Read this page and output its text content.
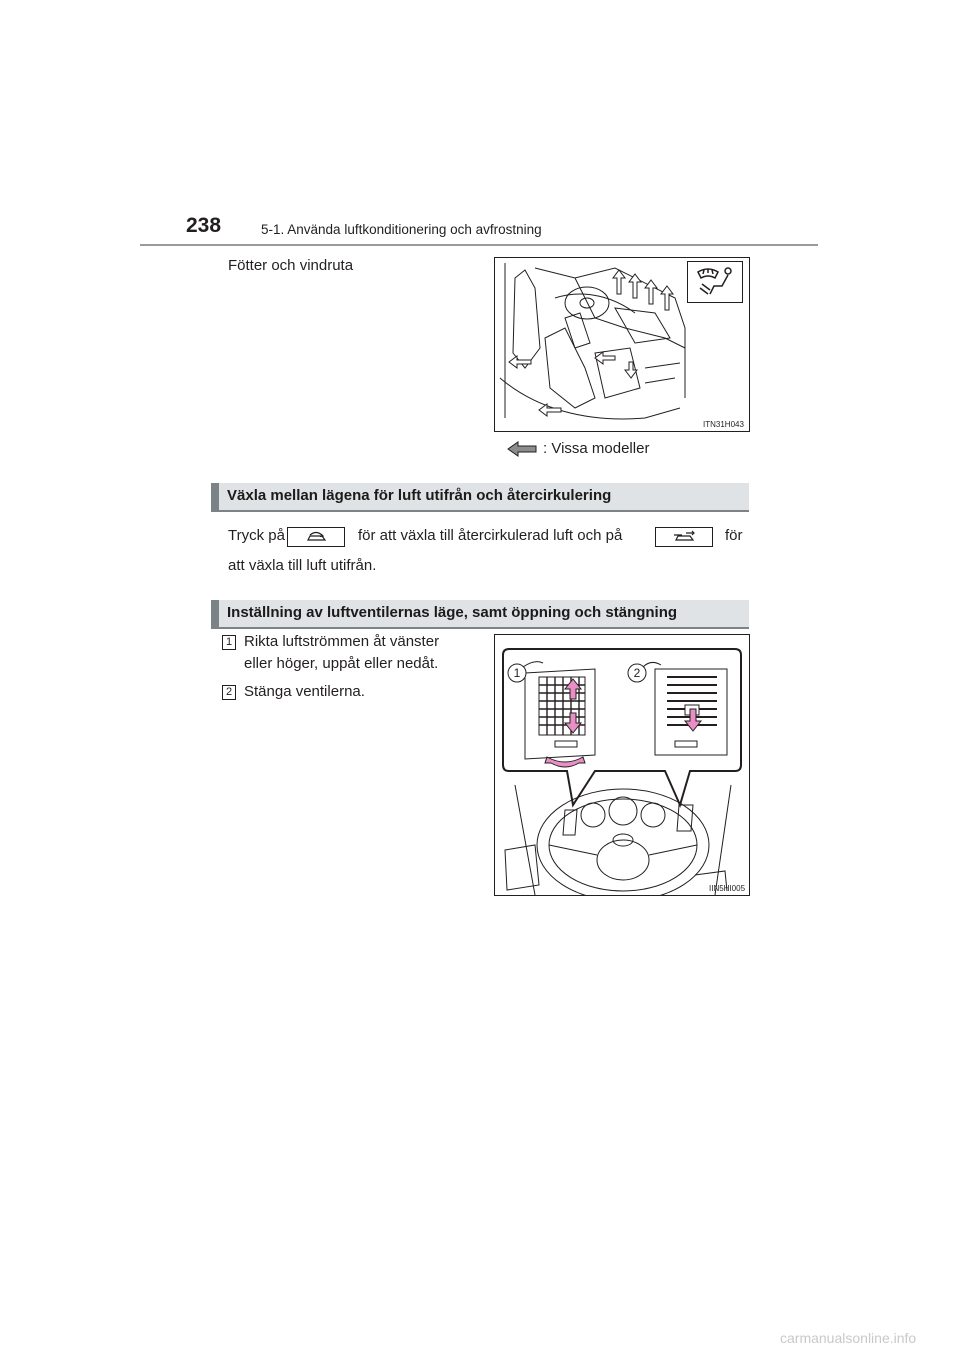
238	5-1. Använda luftkonditionering och avfrostning
Fötter och vindruta
ITN31H043
: Vissa modeller
Växla mellan lägena för luft utifrån och återcirkulering
Tryck på	för att växla till återcirkulerad luft och på	för
att växla till luft utifrån.
Inställning av luftventilernas läge, samt öppning och stängning
1 Rikta luftströmmen åt vänster
eller höger, uppåt eller nedåt.
2 Stänga ventilerna.
1	2
IIN5HI005
carmanualsonline.info
